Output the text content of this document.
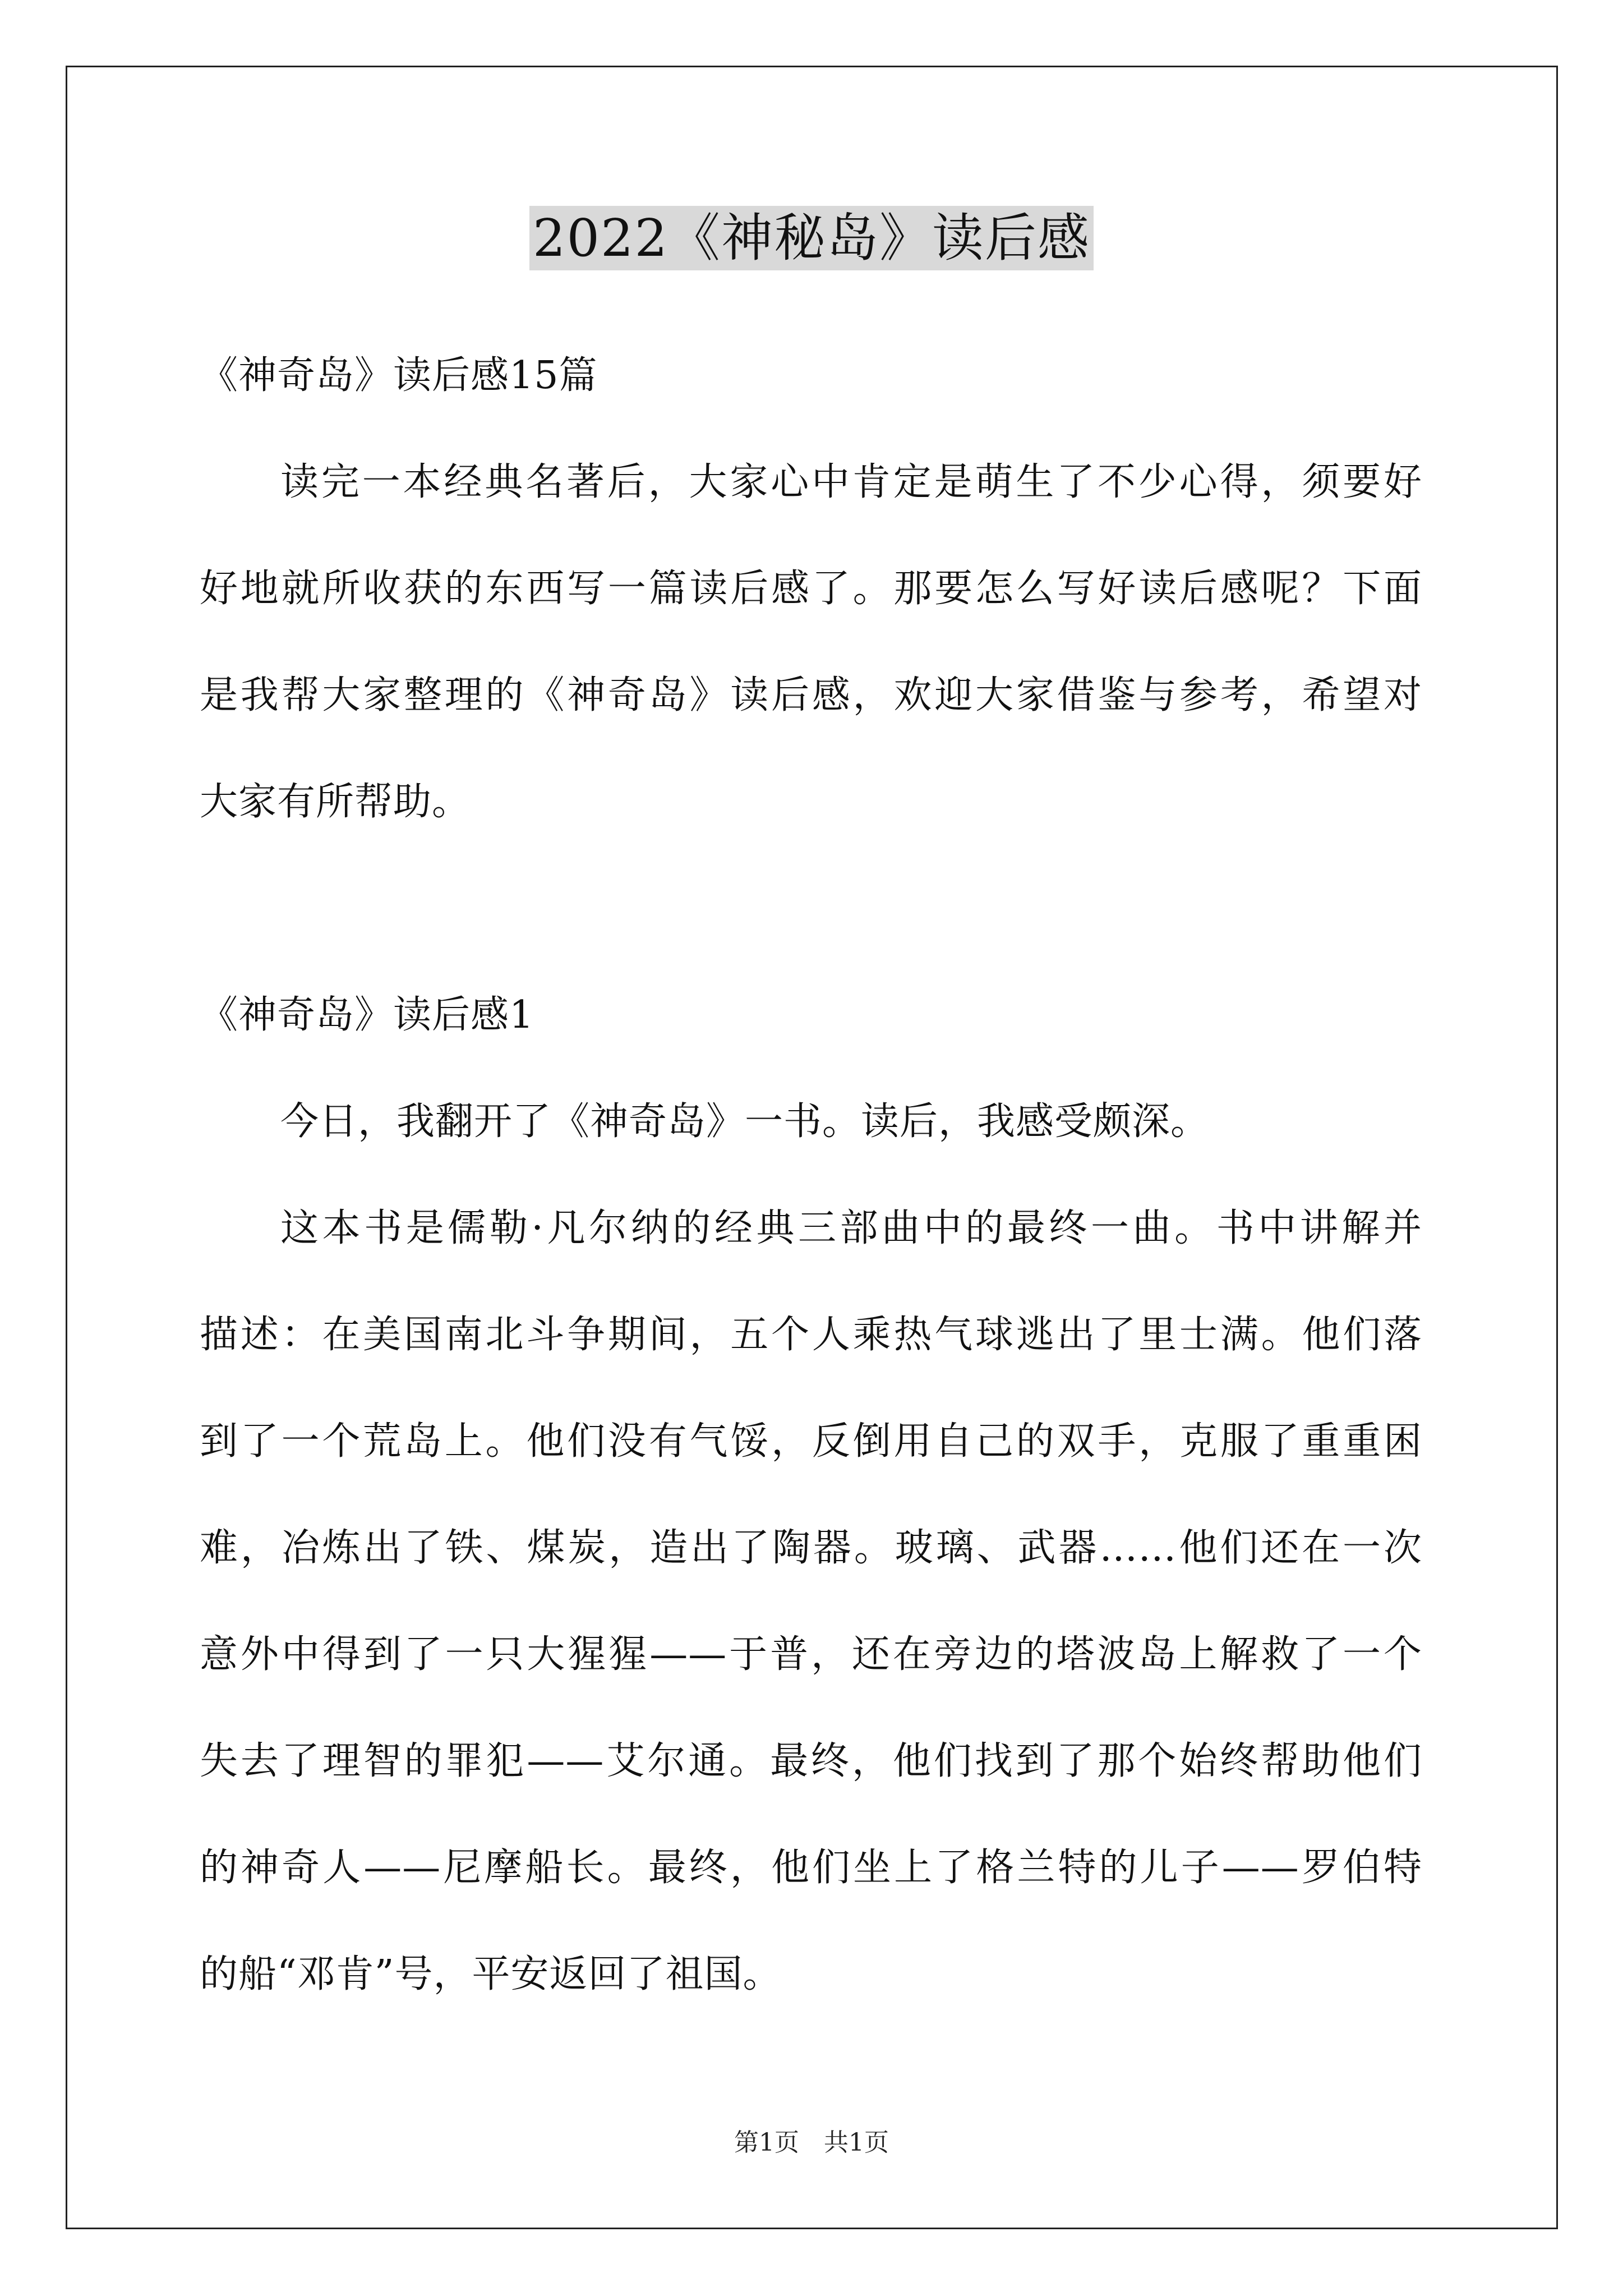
2022《神秘岛》读后感
《神奇岛》读后感15篇
读完一本经典名著后，大家心中肯定是萌生了不少心得，须要好
好地就所收获的东西写一篇读后感了。那要怎么写好读后感呢？下面
是我帮大家整理的《神奇岛》读后感，欢迎大家借鉴与参考，希望对
大家有所帮助。
《神奇岛》读后感1
今日，我翻开了《神奇岛》一书。读后，我感受颇深。
这本书是儒勒·凡尔纳的经典三部曲中的最终一曲。书中讲解并
描述：在美国南北斗争期间，五个人乘热气球逃出了里士满。他们落
到了一个荒岛上。他们没有气馁，反倒用自己的双手，克服了重重困
难，冶炼出了铁、煤炭，造出了陶器。玻璃、武器……他们还在一次
意外中得到了一只大猩猩——于普，还在旁边的塔波岛上解救了一个
失去了理智的罪犯——艾尔通。最终，他们找到了那个始终帮助他们
的神奇人——尼摩船长。最终，他们坐上了格兰特的儿子——罗伯特
的船“邓肯”号，平安返回了祖国。
第1页　共1页
